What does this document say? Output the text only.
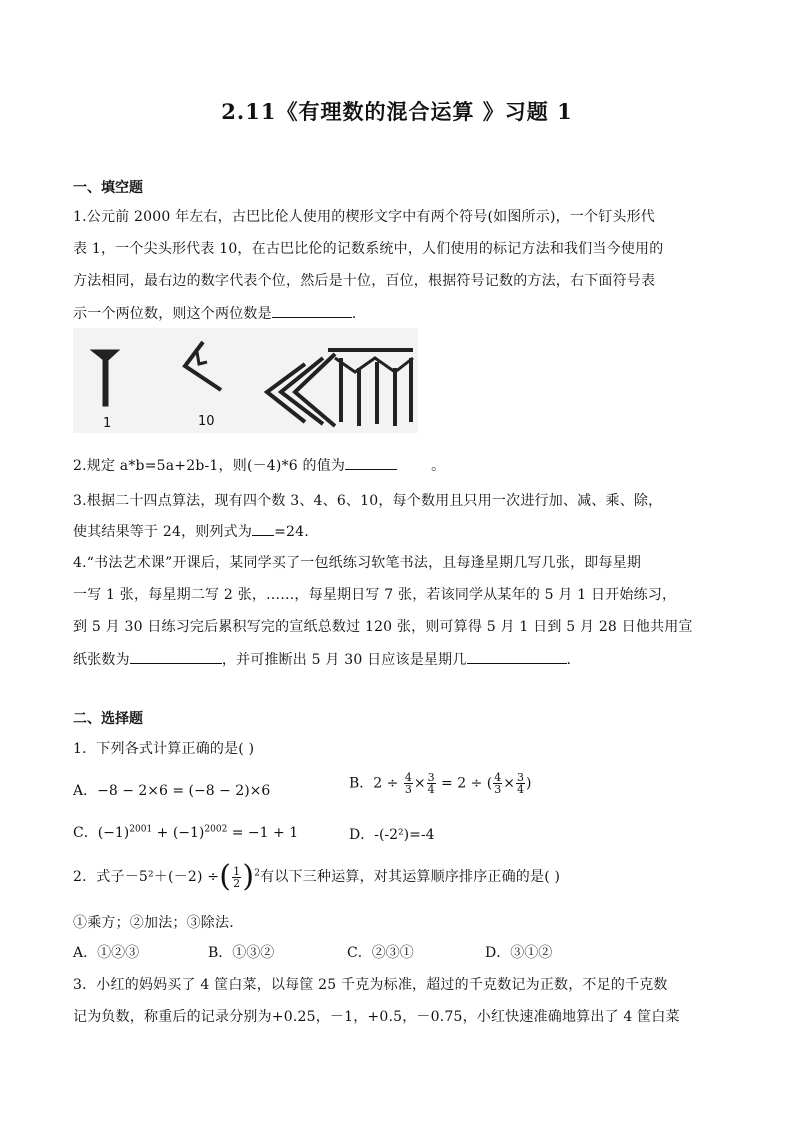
2.11《有理数的混合运算 》习题 1
一、填空题
1.公元前 2000 年左右，古巴比伦人使用的楔形文字中有两个符号(如图所示)，一个钉头形代
表 1，一个尖头形代表 10，在古巴比伦的记数系统中，人们使用的标记方法和我们当今使用的
方法相同，最右边的数字代表个位，然后是十位，百位，根据符号记数的方法，右下面符号表
示一个两位数，则这个两位数是	.
1	10
2.规定 a*b=5a+2b-1，则(－4)*6 的值为	。
3.根据二十四点算法，现有四个数 3、4、6、10，每个数用且只用一次进行加、减、乘、除，
使其结果等于 24，则列式为 =24.
4.“书法艺术课”开课后，某同学买了一包纸练习软笔书法，且每逢星期几写几张，即每星期
一写 1 张，每星期二写 2 张，……，每星期日写 7 张，若该同学从某年的 5 月 1 日开始练习，
到 5 月 30 日练习完后累积写完的宣纸总数过 120 张，则可算得 5 月 1 日到 5 月 28 日他共用宣
纸张数为	，并可推断出 5 月 30 日应该是星期几	.
二、选择题
1．下列各式计算正确的是( )
A．−8 − 2×6 = (−8 − 2)×6	B．$2 \div \frac{4}{3} \times \frac{3}{4} = 2$ ÷ ( $\frac{4}{3} \times \frac{3}{4}$ )
C．$(-1)^{2001} + (-1)^{2002} = -1 + 1$	D．-(-2²)=-4
2．式子－5²＋(－2) ÷( $\frac{1}{2} )^2$有以下三种运算，对其运算顺序排序正确的是( )
①乘方；②加法；③除法.
A．①②③	B．①③②	C．②③①	D．③①②
3．小红的妈妈买了 4 筐白菜，以每筐 25 千克为标准，超过的千克数记为正数，不足的千克数
记为负数，称重后的记录分别为+0.25，－1，+0.5，－0.75，小红快速准确地算出了 4 筐白菜
